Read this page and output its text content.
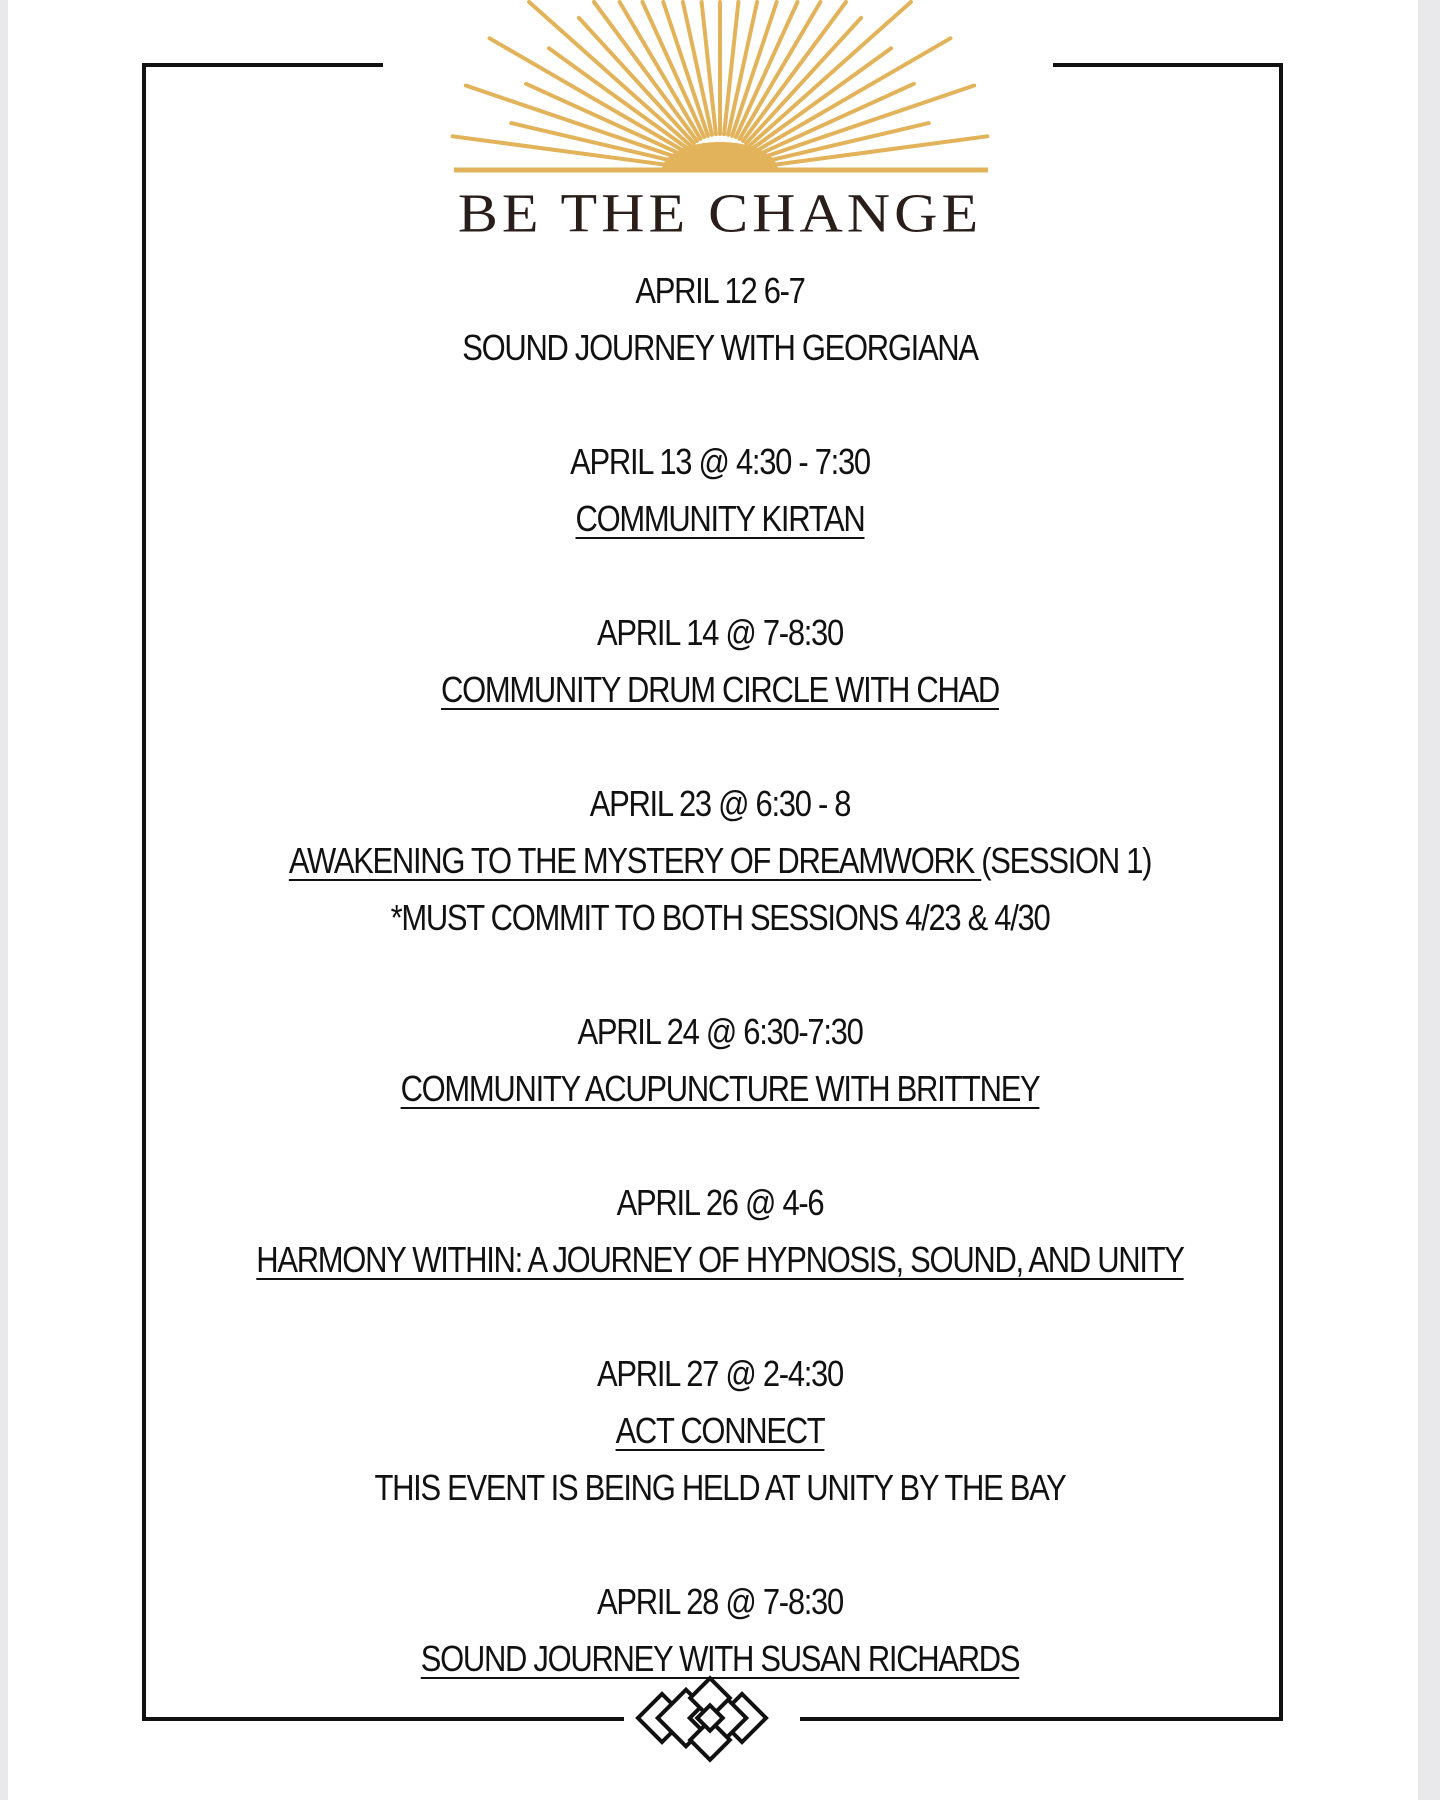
BE THE CHANGE
APRIL 12 6-7
SOUND JOURNEY WITH GEORGIANA
APRIL 13 @ 4:30 - 7:30
COMMUNITY KIRTAN
APRIL 14 @ 7-8:30
COMMUNITY DRUM CIRCLE WITH CHAD
APRIL 23 @ 6:30 - 8
AWAKENING TO THE MYSTERY OF DREAMWORK (SESSION 1)
*MUST COMMIT TO BOTH SESSIONS 4/23 & 4/30
APRIL 24 @ 6:30-7:30
COMMUNITY ACUPUNCTURE WITH BRITTNEY
APRIL 26 @ 4-6
HARMONY WITHIN: A JOURNEY OF HYPNOSIS, SOUND, AND UNITY
APRIL 27 @ 2-4:30
ACT CONNECT
THIS EVENT IS BEING HELD AT UNITY BY THE BAY
APRIL 28 @ 7-8:30
SOUND JOURNEY WITH SUSAN RICHARDS
